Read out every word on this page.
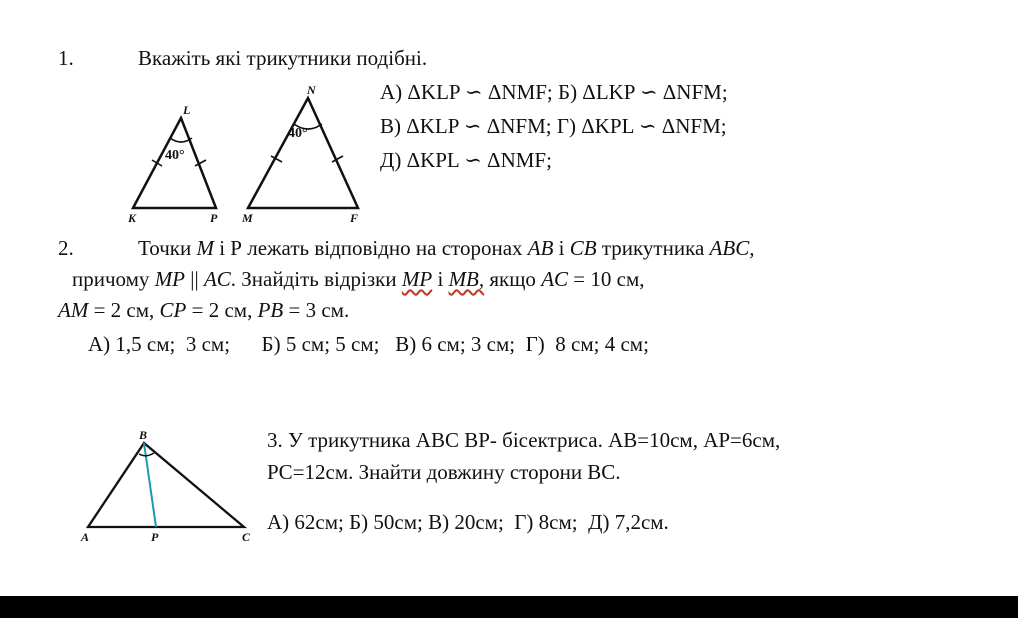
1.	Вкажіть які трикутники подібні.
А) ΔKLP ∽ ΔNMF; Б) ΔLKP ∽ ΔNFM;
В) ΔKLP ∽ ΔNFM; Г) ΔKPL ∽ ΔNFM;
Д) ΔKPL ∽ ΔNMF;
40°
L
K	P
40°
N
M	F
2.	Точки M і Р лежать відповідно на сторонах AB і CB трикутника ABC,
причому MP || AC. Знайдіть відрізки MP і MB, якщо AC = 10 см,
AM = 2 см, CP = 2 см, PB = 3 см.
А) 1,5 см;  3 см;      Б) 5 см; 5 см;   В) 6 см; 3 см;  Г)  8 см; 4 см;
B
A	P	C
3. У трикутника ABC BP- бісектриса. AB=10см, AP=6см,
PC=12см. Знайти довжину сторони BC.
А) 62см; Б) 50см; В) 20см;  Г) 8см;  Д) 7,2см.
